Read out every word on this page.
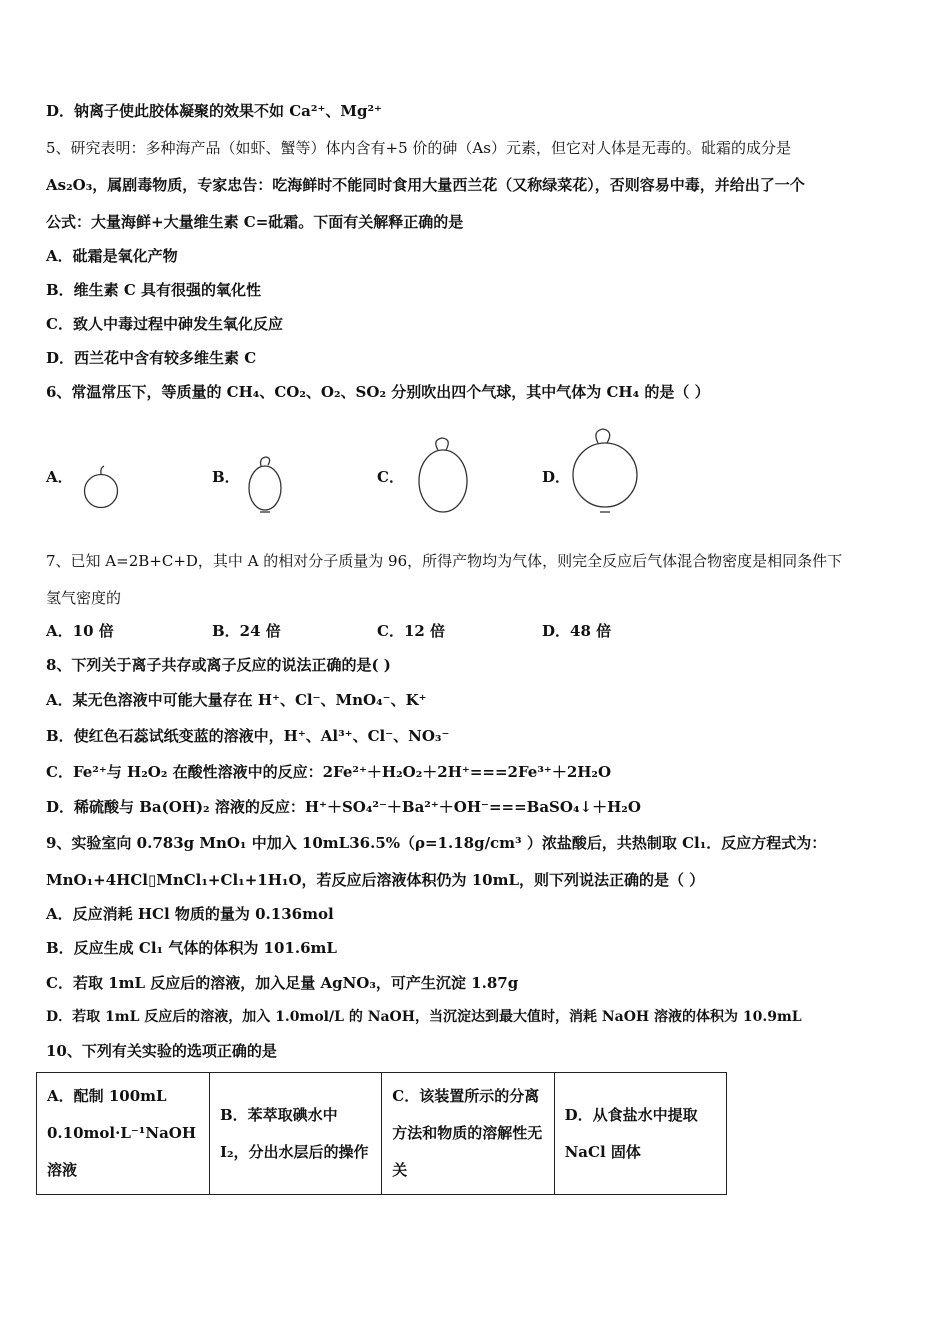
D．钠离子使此胶体凝聚的效果不如 Ca²⁺、Mg²⁺
5、研究表明：多种海产品（如虾、蟹等）体内含有+5 价的砷（As）元素，但它对人体是无毒的。砒霜的成分是
As₂O₃，属剧毒物质，专家忠告：吃海鲜时不能同时食用大量西兰花（又称绿菜花），否则容易中毒，并给出了一个
公式：大量海鲜+大量维生素 C=砒霜。下面有关解释正确的是
A．砒霜是氧化产物
B．维生素 C 具有很强的氧化性
C．致人中毒过程中砷发生氧化反应
D．西兰花中含有较多维生素 C
6、常温常压下，等质量的 CH₄、CO₂、O₂、SO₂ 分别吹出四个气球，其中气体为 CH₄ 的是（ ）
A．	B．	C．	D．
7、已知 A=2B+C+D，其中 A 的相对分子质量为 96，所得产物均为气体，则完全反应后气体混合物密度是相同条件下
氢气密度的
A．10 倍	B．24 倍	C．12 倍	D．48 倍
8、下列关于离子共存或离子反应的说法正确的是( )
A．某无色溶液中可能大量存在 H⁺、Cl⁻、MnO₄⁻、K⁺
B．使红色石蕊试纸变蓝的溶液中，H⁺、Al³⁺、Cl⁻、NO₃⁻
C．Fe²⁺与 H₂O₂ 在酸性溶液中的反应：2Fe²⁺＋H₂O₂＋2H⁺===2Fe³⁺＋2H₂O
D．稀硫酸与 Ba(OH)₂ 溶液的反应：H⁺＋SO₄²⁻＋Ba²⁺＋OH⁻===BaSO₄↓＋H₂O
9、实验室向 0.783g MnO₁ 中加入 10mL36.5%（ρ=1.18g/cm³ ）浓盐酸后，共热制取 Cl₁．反应方程式为：
MnO₁+4HCl▯MnCl₁+Cl₁+1H₁O，若反应后溶液体积仍为 10mL，则下列说法正确的是（ ）
A．反应消耗 HCl 物质的量为 0.136mol
B．反应生成 Cl₁ 气体的体积为 101.6mL
C．若取 1mL 反应后的溶液，加入足量 AgNO₃，可产生沉淀 1.87g
D．若取 1mL 反应后的溶液，加入 1.0mol/L 的 NaOH，当沉淀达到最大值时，消耗 NaOH 溶液的体积为 10.9mL
10、下列有关实验的选项正确的是
A．配制 100mL 0.10mol·L⁻¹NaOH 溶液	B．苯萃取碘水中 I₂，分出水层后的操作	C．该装置所示的分离方法和物质的溶解性无关	D．从食盐水中提取 NaCl 固体
